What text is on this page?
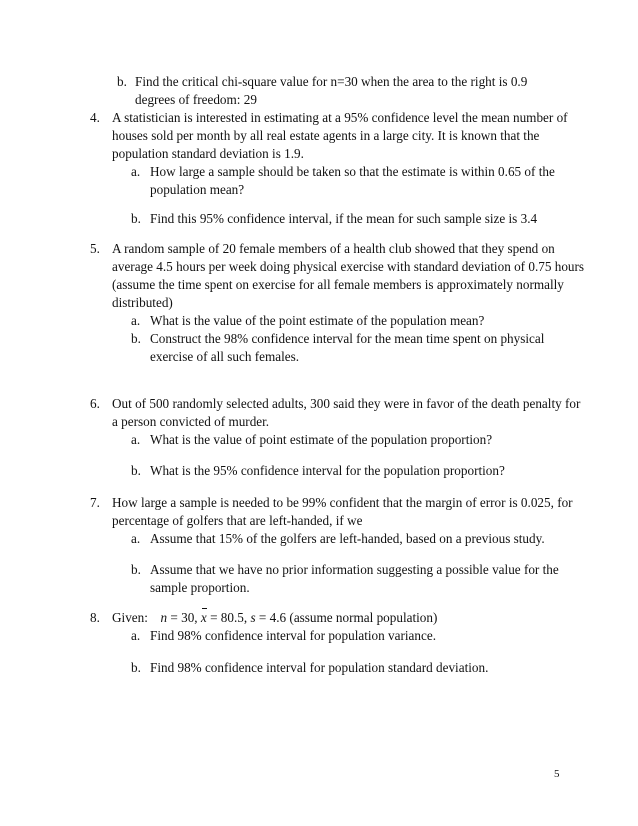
b. Find the critical chi-square value for n=30 when the area to the right is 0.9
degrees of freedom: 29
4. A statistician is interested in estimating at a 95% confidence level the mean number of
houses sold per month by all real estate agents in a large city. It is known that the
population standard deviation is 1.9.
a. How large a sample should be taken so that the estimate is within 0.65 of the
population mean?
b. Find this 95% confidence interval, if the mean for such sample size is 3.4
5. A random sample of 20 female members of a health club showed that they spend on
average 4.5 hours per week doing physical exercise with standard deviation of 0.75 hours
(assume the time spent on exercise for all female members is approximately normally
distributed)
a. What is the value of the point estimate of the population mean?
b. Construct the 98% confidence interval for the mean time spent on physical
exercise of all such females.
6. Out of 500 randomly selected adults, 300 said they were in favor of the death penalty for
a person convicted of murder.
a. What is the value of point estimate of the population proportion?
b. What is the 95% confidence interval for the population proportion?
7. How large a sample is needed to be 99% confident that the margin of error is 0.025, for
percentage of golfers that are left-handed, if we
a. Assume that 15% of the golfers are left-handed, based on a previous study.
b. Assume that we have no prior information suggesting a possible value for the
sample proportion.
8. Given: n = 30, x = 80.5, s = 4.6 (assume normal population)
a. Find 98% confidence interval for population variance.
b. Find 98% confidence interval for population standard deviation.
5
